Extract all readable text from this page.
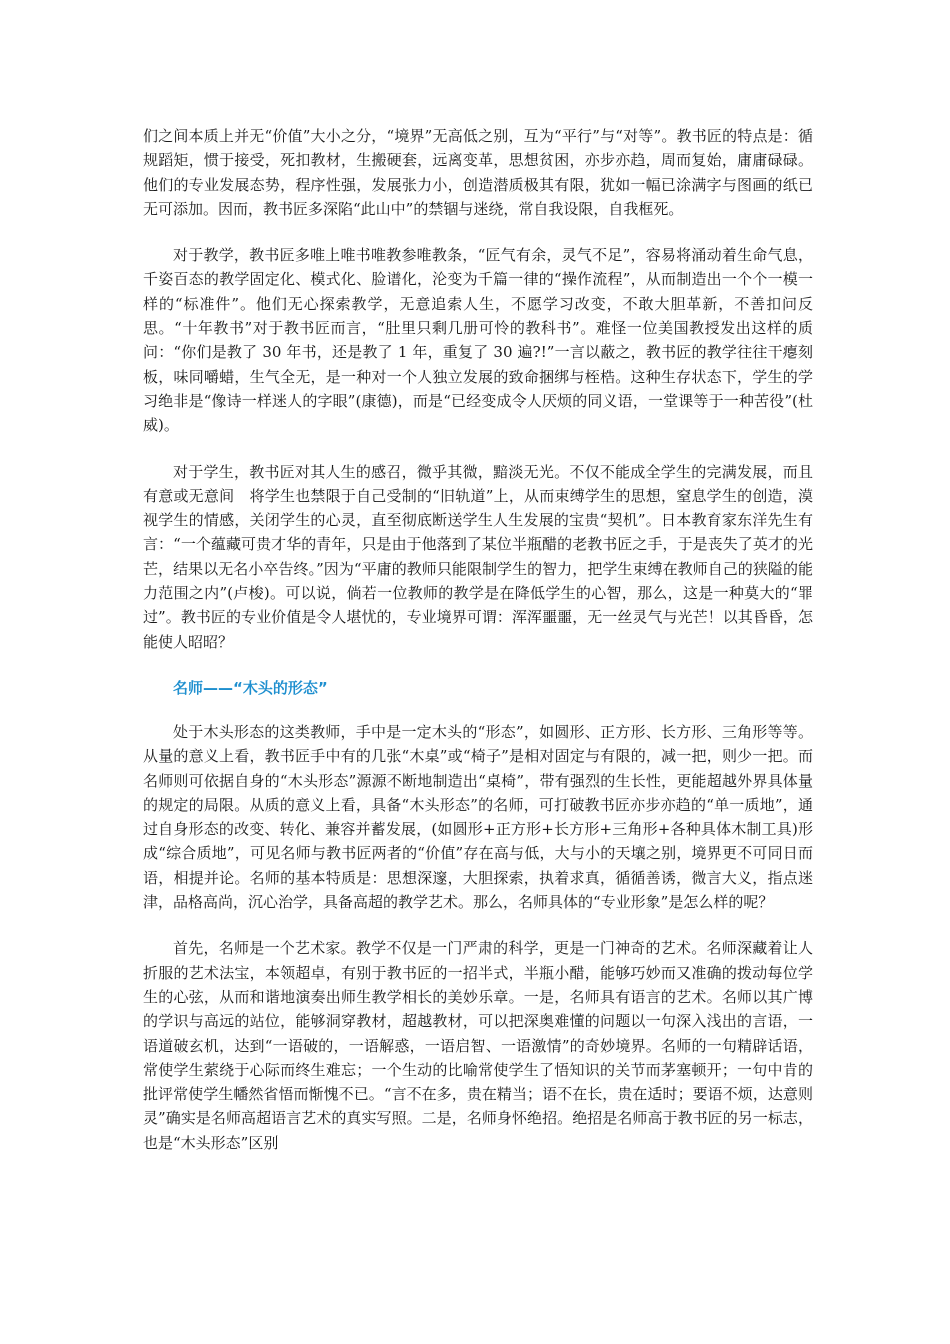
们之间本质上并无“价值”大小之分，“境界”无高低之别，互为“平行”与“对等”。教书匠的特点是：循规蹈矩，惯于接受，死扣教材，生搬硬套，远离变革，思想贫困，亦步亦趋，周而复始，庸庸碌碌。他们的专业发展态势，程序性强，发展张力小，创造潜质极其有限，犹如一幅已涂满字与图画的纸已无可添加。因而，教书匠多深陷“此山中”的禁锢与迷绕，常自我设限，自我框死。

对于教学，教书匠多唯上唯书唯教参唯教条，“匠气有余，灵气不足”，容易将涌动着生命气息，千姿百态的教学固定化、模式化、脸谱化，沦变为千篇一律的“操作流程”，从而制造出一个个一模一样的“标准件”。他们无心探索教学，无意追索人生，不愿学习改变，不敢大胆革新，不善扣问反思。“十年教书”对于教书匠而言，“肚里只剩几册可怜的教科书”。难怪一位美国教授发出这样的质问：“你们是教了 30 年书，还是教了 1 年，重复了 30 遍?!”一言以蔽之，教书匠的教学往往干瘪刻板，味同嚼蜡，生气全无，是一种对一个人独立发展的致命捆绑与桎梏。这种生存状态下，学生的学习绝非是“像诗一样迷人的字眼”(康德)，而是“已经变成令人厌烦的同义语，一堂课等于一种苦役”(杜威)。

对于学生，教书匠对其人生的感召，微乎其微，黯淡无光。不仅不能成全学生的完满发展，而且有意或无意间　将学生也禁限于自己受制的“旧轨道”上，从而束缚学生的思想，窒息学生的创造，漠视学生的情感，关闭学生的心灵，直至彻底断送学生人生发展的宝贵“契机”。日本教育家东洋先生有言：“一个蕴藏可贵才华的青年，只是由于他落到了某位半瓶醋的老教书匠之手，于是丧失了英才的光芒，结果以无名小卒告终。”因为“平庸的教师只能限制学生的智力，把学生束缚在教师自己的狭隘的能力范围之内”(卢梭)。可以说，倘若一位教师的教学是在降低学生的心智，那么，这是一种莫大的“罪过”。教书匠的专业价值是令人堪忧的，专业境界可谓：浑浑噩噩，无一丝灵气与光芒！以其昏昏，怎能使人昭昭？

名师——“木头的形态”

处于木头形态的这类教师，手中是一定木头的“形态”，如圆形、正方形、长方形、三角形等等。从量的意义上看，教书匠手中有的几张“木桌”或“椅子”是相对固定与有限的，减一把，则少一把。而名师则可依据自身的“木头形态”源源不断地制造出“桌椅”，带有强烈的生长性，更能超越外界具体量的规定的局限。从质的意义上看，具备“木头形态”的名师，可打破教书匠亦步亦趋的“单一质地”，通过自身形态的改变、转化、兼容并蓄发展，(如圆形+正方形+长方形+三角形+各种具体木制工具)形成“综合质地”，可见名师与教书匠两者的“价值”存在高与低，大与小的天壤之别，境界更不可同日而语，相提并论。名师的基本特质是：思想深邃，大胆探索，执着求真，循循善诱，微言大义，指点迷津，品格高尚，沉心治学，具备高超的教学艺术。那么，名师具体的“专业形象”是怎么样的呢？

首先，名师是一个艺术家。教学不仅是一门严肃的科学，更是一门神奇的艺术。名师深藏着让人折服的艺术法宝，本领超卓，有别于教书匠的一招半式，半瓶小醋，能够巧妙而又准确的拨动每位学生的心弦，从而和谐地演奏出师生教学相长的美妙乐章。一是，名师具有语言的艺术。名师以其广博的学识与高远的站位，能够洞穿教材，超越教材，可以把深奥难懂的问题以一句深入浅出的言语，一语道破玄机，达到“一语破的，一语解惑，一语启智、一语激情”的奇妙境界。名师的一句精辟话语，常使学生萦绕于心际而终生难忘；一个生动的比喻常使学生了悟知识的关节而茅塞顿开；一句中肯的批评常使学生幡然省悟而惭愧不已。“言不在多，贵在精当；语不在长，贵在适时；要语不烦，达意则灵”确实是名师高超语言艺术的真实写照。二是，名师身怀绝招。绝招是名师高于教书匠的另一标志，也是“木头形态”区别
